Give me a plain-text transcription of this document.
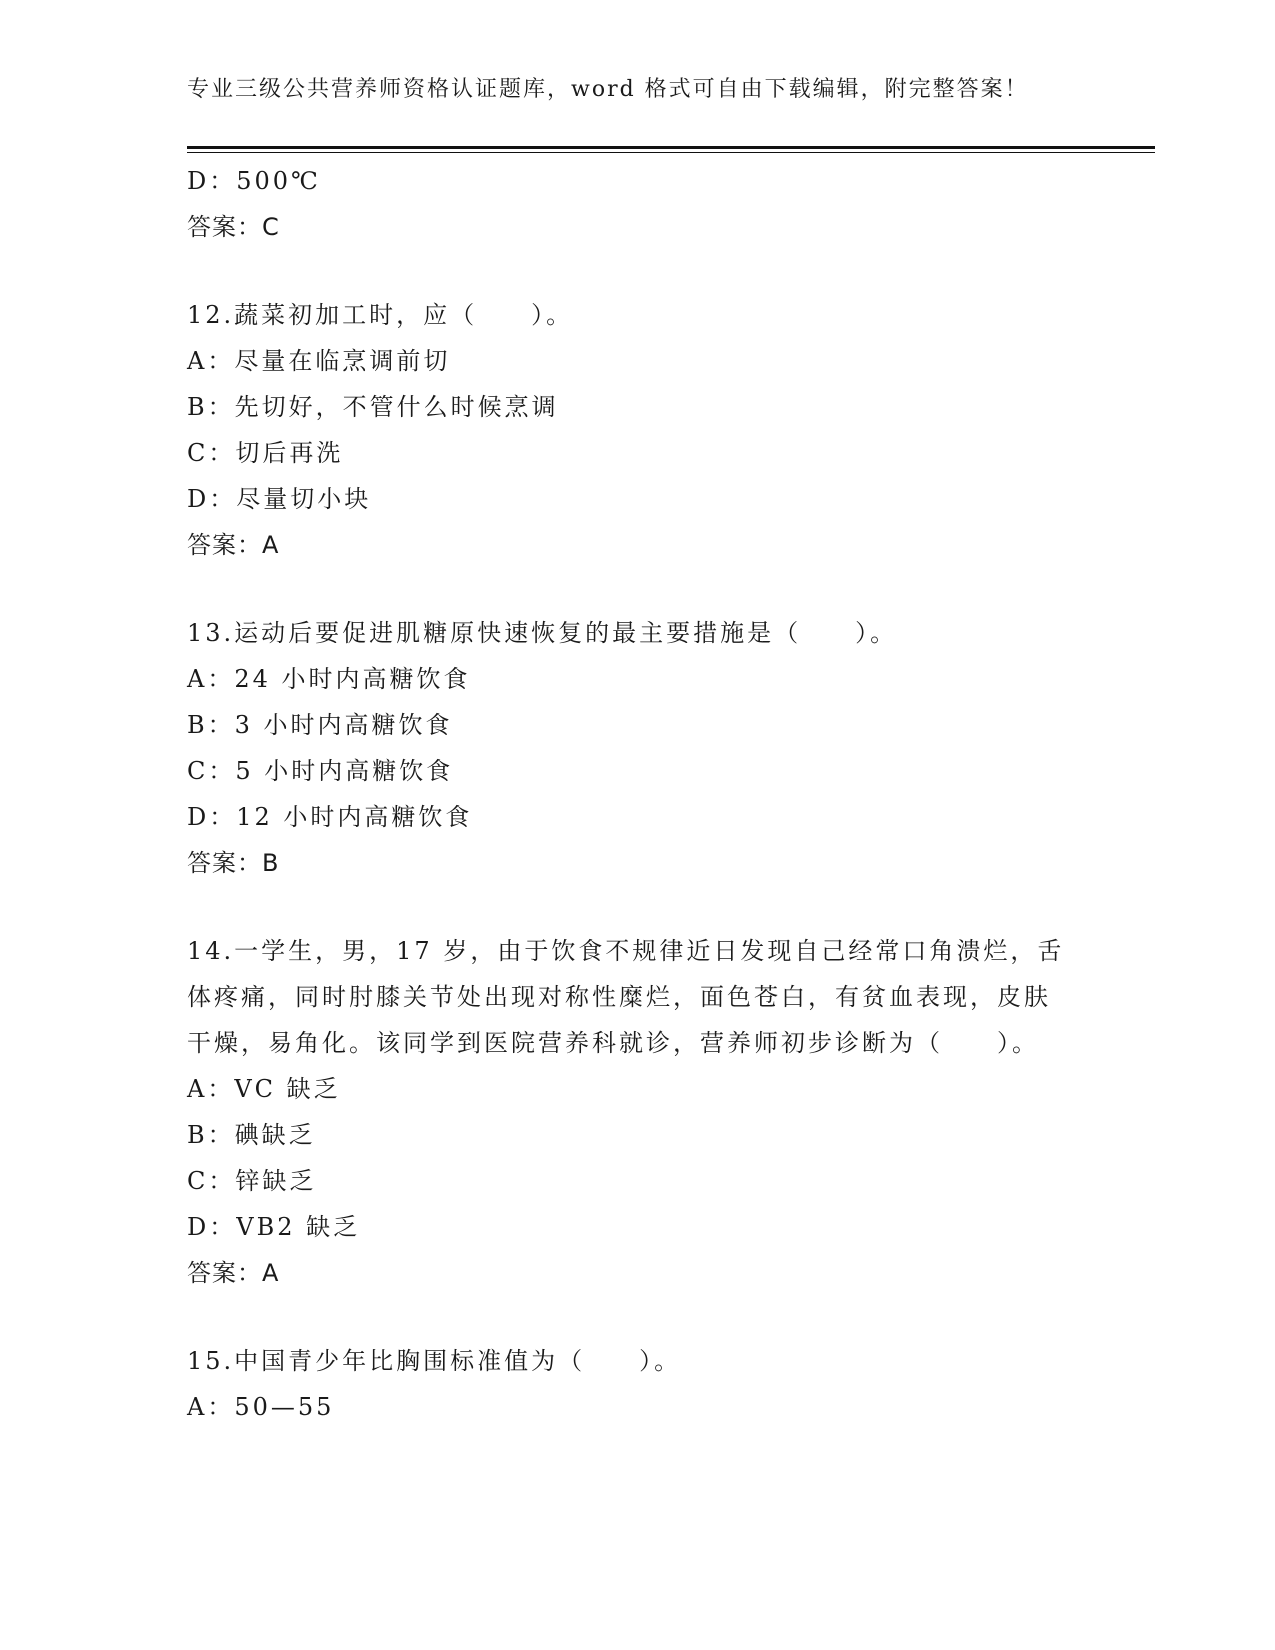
专业三级公共营养师资格认证题库，word 格式可自由下载编辑，附完整答案！
D：500℃
答案：C
12.蔬菜初加工时，应（　　）。
A：尽量在临烹调前切
B：先切好，不管什么时候烹调
C：切后再洗
D：尽量切小块
答案：A
13.运动后要促进肌糖原快速恢复的最主要措施是（　　）。
A：24 小时内高糖饮食
B：3 小时内高糖饮食
C：5 小时内高糖饮食
D：12 小时内高糖饮食
答案：B
14.一学生，男，17 岁，由于饮食不规律近日发现自己经常口角溃烂，舌体疼痛，同时肘膝关节处出现对称性糜烂，面色苍白，有贫血表现，皮肤干燥，易角化。该同学到医院营养科就诊，营养师初步诊断为（　　）。
A：VC 缺乏
B：碘缺乏
C：锌缺乏
D：VB2 缺乏
答案：A
15.中国青少年比胸围标准值为（　　）。
A：50—55
